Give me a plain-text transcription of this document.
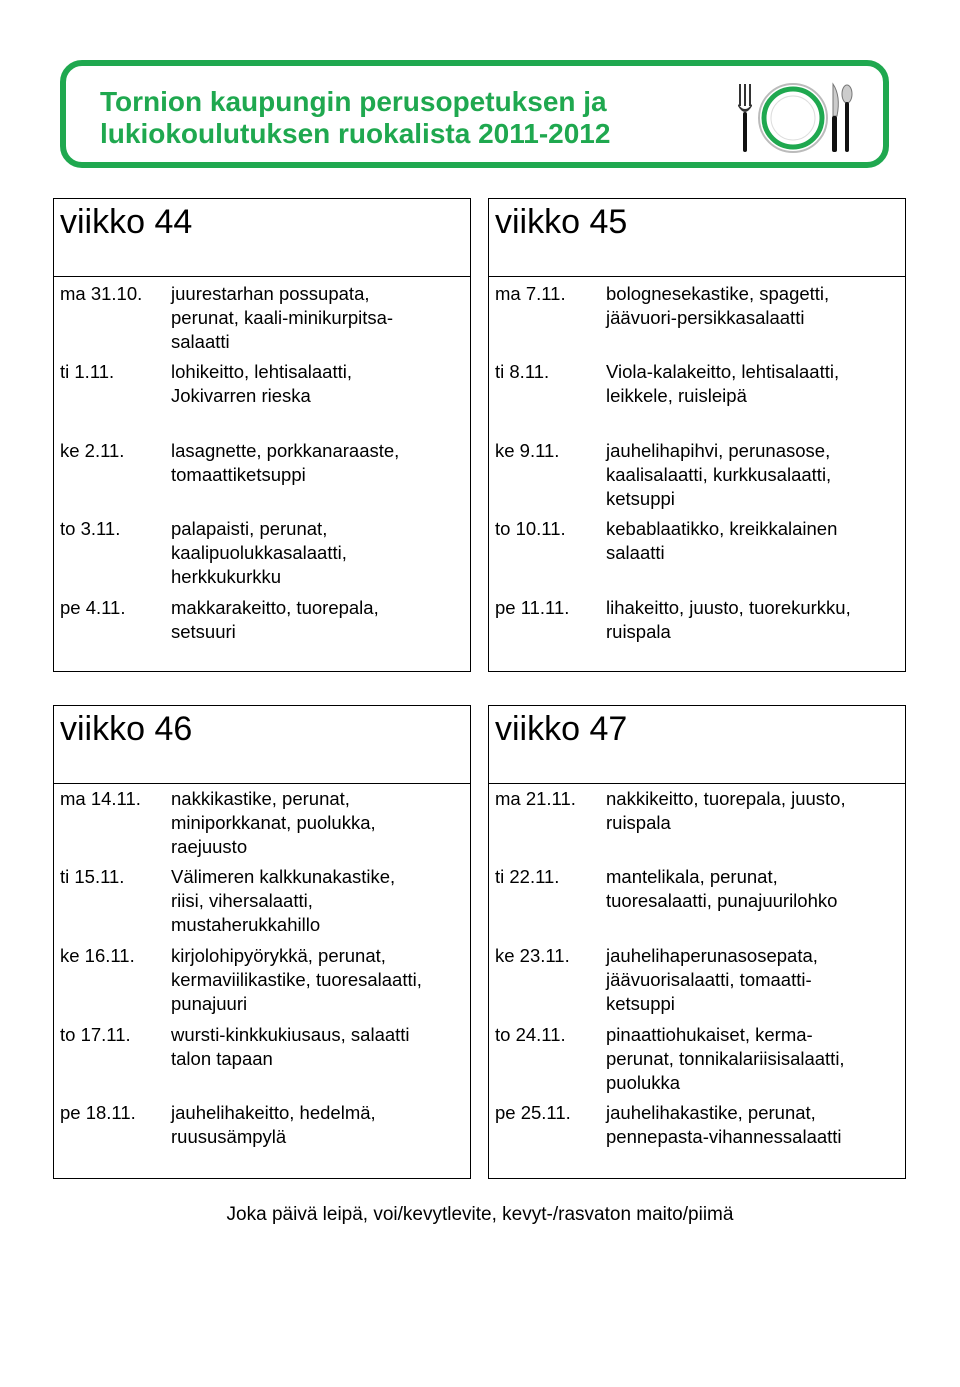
Tornion kaupungin perusopetuksen ja
lukiokoulutuksen ruokalista 2011-2012
viikko 44
ma 31.10.	juurestarhan possupata,
perunat, kaali-minikurpitsa-
salaatti
ti 1.11.	lohikeitto, lehtisalaatti,
Jokivarren rieska
ke 2.11.	lasagnette, porkkanaraaste,
tomaattiketsuppi
to 3.11.	palapaisti, perunat,
kaalipuolukkasalaatti,
herkkukurkku
pe 4.11.	makkarakeitto, tuorepala,
setsuuri
viikko 45
ma 7.11.	bolognesekastike, spagetti,
jäävuori-persikkasalaatti
ti 8.11.	Viola-kalakeitto, lehtisalaatti,
leikkele, ruisleipä
ke 9.11.	jauhelihapihvi, perunasose,
kaalisalaatti, kurkkusalaatti,
ketsuppi
to 10.11.	kebablaatikko, kreikkalainen
salaatti
pe 11.11.	lihakeitto, juusto, tuorekurkku,
ruispala
viikko 46
ma 14.11.	nakkikastike, perunat,
miniporkkanat, puolukka,
raejuusto
ti 15.11.	Välimeren kalkkunakastike,
riisi, vihersalaatti,
mustaherukkahillo
ke 16.11.	kirjolohipyörykkä, perunat,
kermaviilikastike, tuoresalaatti,
punajuuri
to 17.11.	wursti-kinkkukiusaus, salaatti
talon tapaan
pe 18.11.	jauhelihakeitto, hedelmä,
ruususämpylä
viikko 47
ma 21.11.	nakkikeitto, tuorepala, juusto,
ruispala
ti 22.11.	mantelikala, perunat,
tuoresalaatti, punajuurilohko
ke 23.11.	jauhelihaperunasosepata,
jäävuorisalaatti, tomaatti-
ketsuppi
to 24.11.	pinaattiohukaiset, kerma-
perunat, tonnikalariisisalaatti,
puolukka
pe 25.11.	jauhelihakastike, perunat,
pennepasta-vihannessalaatti
Joka päivä leipä, voi/kevytlevite, kevyt-/rasvaton maito/piimä
